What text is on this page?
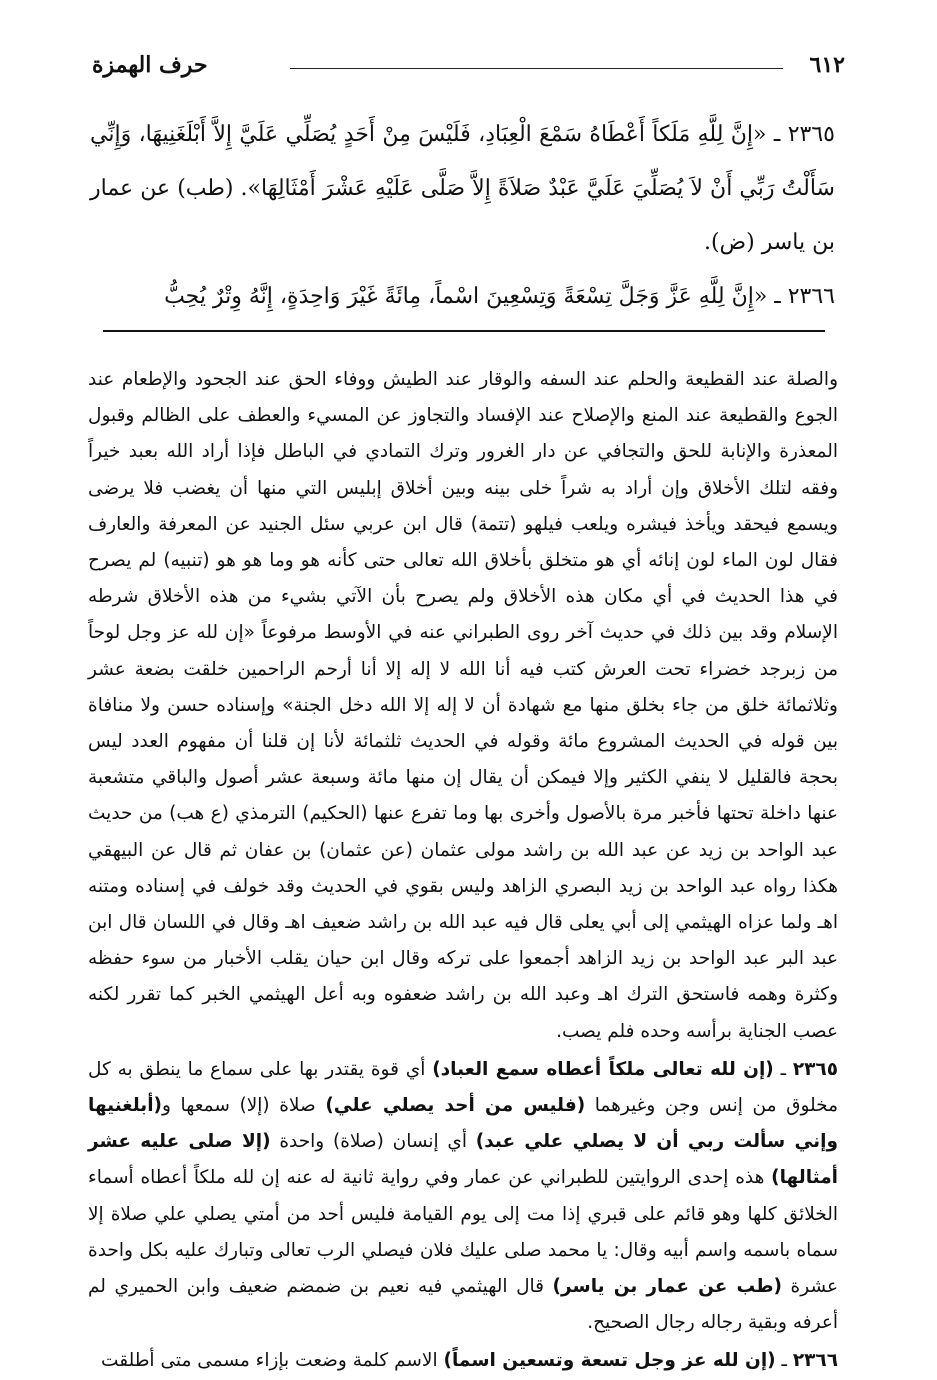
٦١٢
حرف الهمزة

٢٣٦٥ ـ «إِنَّ لِلَّهِ مَلَكاً أَعْطَاهُ سَمْعَ الْعِبَادِ، فَلَيْسَ مِنْ أَحَدٍ يُصَلِّي عَلَيَّ إِلاَّ أَبْلَغَنِيهَا، وَإِنِّي سَأَلْتُ رَبِّي أَنْ لاَ يُصَلِّيَ عَلَيَّ عَبْدٌ صَلاَةً إِلاَّ صَلَّى عَلَيْهِ عَشْرَ أَمْثَالِهَا». (طب) عن عمار بن ياسر (ض).

٢٣٦٦ ـ «إِنَّ لِلَّهِ عَزَّ وَجَلَّ تِسْعَةً وَتِسْعِينَ اسْماً، مِائَةً غَيْرَ وَاحِدَةٍ، إِنَّهُ وِتْرٌ يُحِبُّ

والصلة عند القطيعة والحلم عند السفه والوقار عند الطيش ووفاء الحق عند الجحود والإطعام عند الجوع والقطيعة عند المنع والإصلاح عند الإفساد والتجاوز عن المسيء والعطف على الظالم وقبول المعذرة والإنابة للحق والتجافي عن دار الغرور وترك التمادي في الباطل فإذا أراد الله بعبد خيراً وفقه لتلك الأخلاق وإن أراد به شراً خلى بينه وبين أخلاق إبليس التي منها أن يغضب فلا يرضى ويسمع فيحقد ويأخذ فيشره ويلعب فيلهو (تتمة) قال ابن عربي سئل الجنيد عن المعرفة والعارف فقال لون الماء لون إنائه أي هو متخلق بأخلاق الله تعالى حتى كأنه هو وما هو هو (تنبيه) لم يصرح في هذا الحديث في أي مكان هذه الأخلاق ولم يصرح بأن الآتي بشيء من هذه الأخلاق شرطه الإسلام وقد بين ذلك في حديث آخر روى الطبراني عنه في الأوسط مرفوعاً «إن لله عز وجل لوحاً من زبرجد خضراء تحت العرش كتب فيه أنا الله لا إله إلا أنا أرحم الراحمين خلقت بضعة عشر وثلاثمائة خلق من جاء بخلق منها مع شهادة أن لا إله إلا الله دخل الجنة» وإسناده حسن ولا منافاة بين قوله في الحديث المشروع مائة وقوله في الحديث ثلثمائة لأنا إن قلنا أن مفهوم العدد ليس بحجة فالقليل لا ينفي الكثير وإلا فيمكن أن يقال إن منها مائة وسبعة عشر أصول والباقي متشعبة عنها داخلة تحتها فأخبر مرة بالأصول وأخرى بها وما تفرع عنها (الحكيم) الترمذي (ع هب) من حديث عبد الواحد بن زيد عن عبد الله بن راشد مولى عثمان (عن عثمان) بن عفان ثم قال عن البيهقي هكذا رواه عبد الواحد بن زيد البصري الزاهد وليس بقوي في الحديث وقد خولف في إسناده ومتنه اهـ ولما عزاه الهيثمي إلى أبي يعلى قال فيه عبد الله بن راشد ضعيف اهـ وقال في اللسان قال ابن عبد البر عبد الواحد بن زيد الزاهد أجمعوا على تركه وقال ابن حيان يقلب الأخبار من سوء حفظه وكثرة وهمه فاستحق الترك اهـ وعبد الله بن راشد ضعفوه وبه أعل الهيثمي الخبر كما تقرر لكنه عصب الجناية برأسه وحده فلم يصب.

٢٣٦٥ ـ (إن لله تعالى ملكاً أعطاه سمع العباد) أي قوة يقتدر بها على سماع ما ينطق به كل مخلوق من إنس وجن وغيرهما (فليس من أحد يصلي علي) صلاة (إلا) سمعها و(أبلغنيها وإني سألت ربي أن لا يصلي علي عبد) أي إنسان (صلاة) واحدة (إلا صلى عليه عشر أمثالها) هذه إحدى الروايتين للطبراني عن عمار وفي رواية ثانية له عنه إن لله ملكاً أعطاه أسماء الخلائق كلها وهو قائم على قبري إذا مت إلى يوم القيامة فليس أحد من أمتي يصلي علي صلاة إلا سماه باسمه واسم أبيه وقال: يا محمد صلى عليك فلان فيصلي الرب تعالى وتبارك عليه بكل واحدة عشرة (طب عن عمار بن ياسر) قال الهيثمي فيه نعيم بن ضمضم ضعيف وابن الحميري لم أعرفه وبقية رجاله رجال الصحيح.

٢٣٦٦ ـ (إن لله عز وجل تسعة وتسعين اسماً) الاسم كلمة وضعت بإزاء مسمى متى أطلقت
